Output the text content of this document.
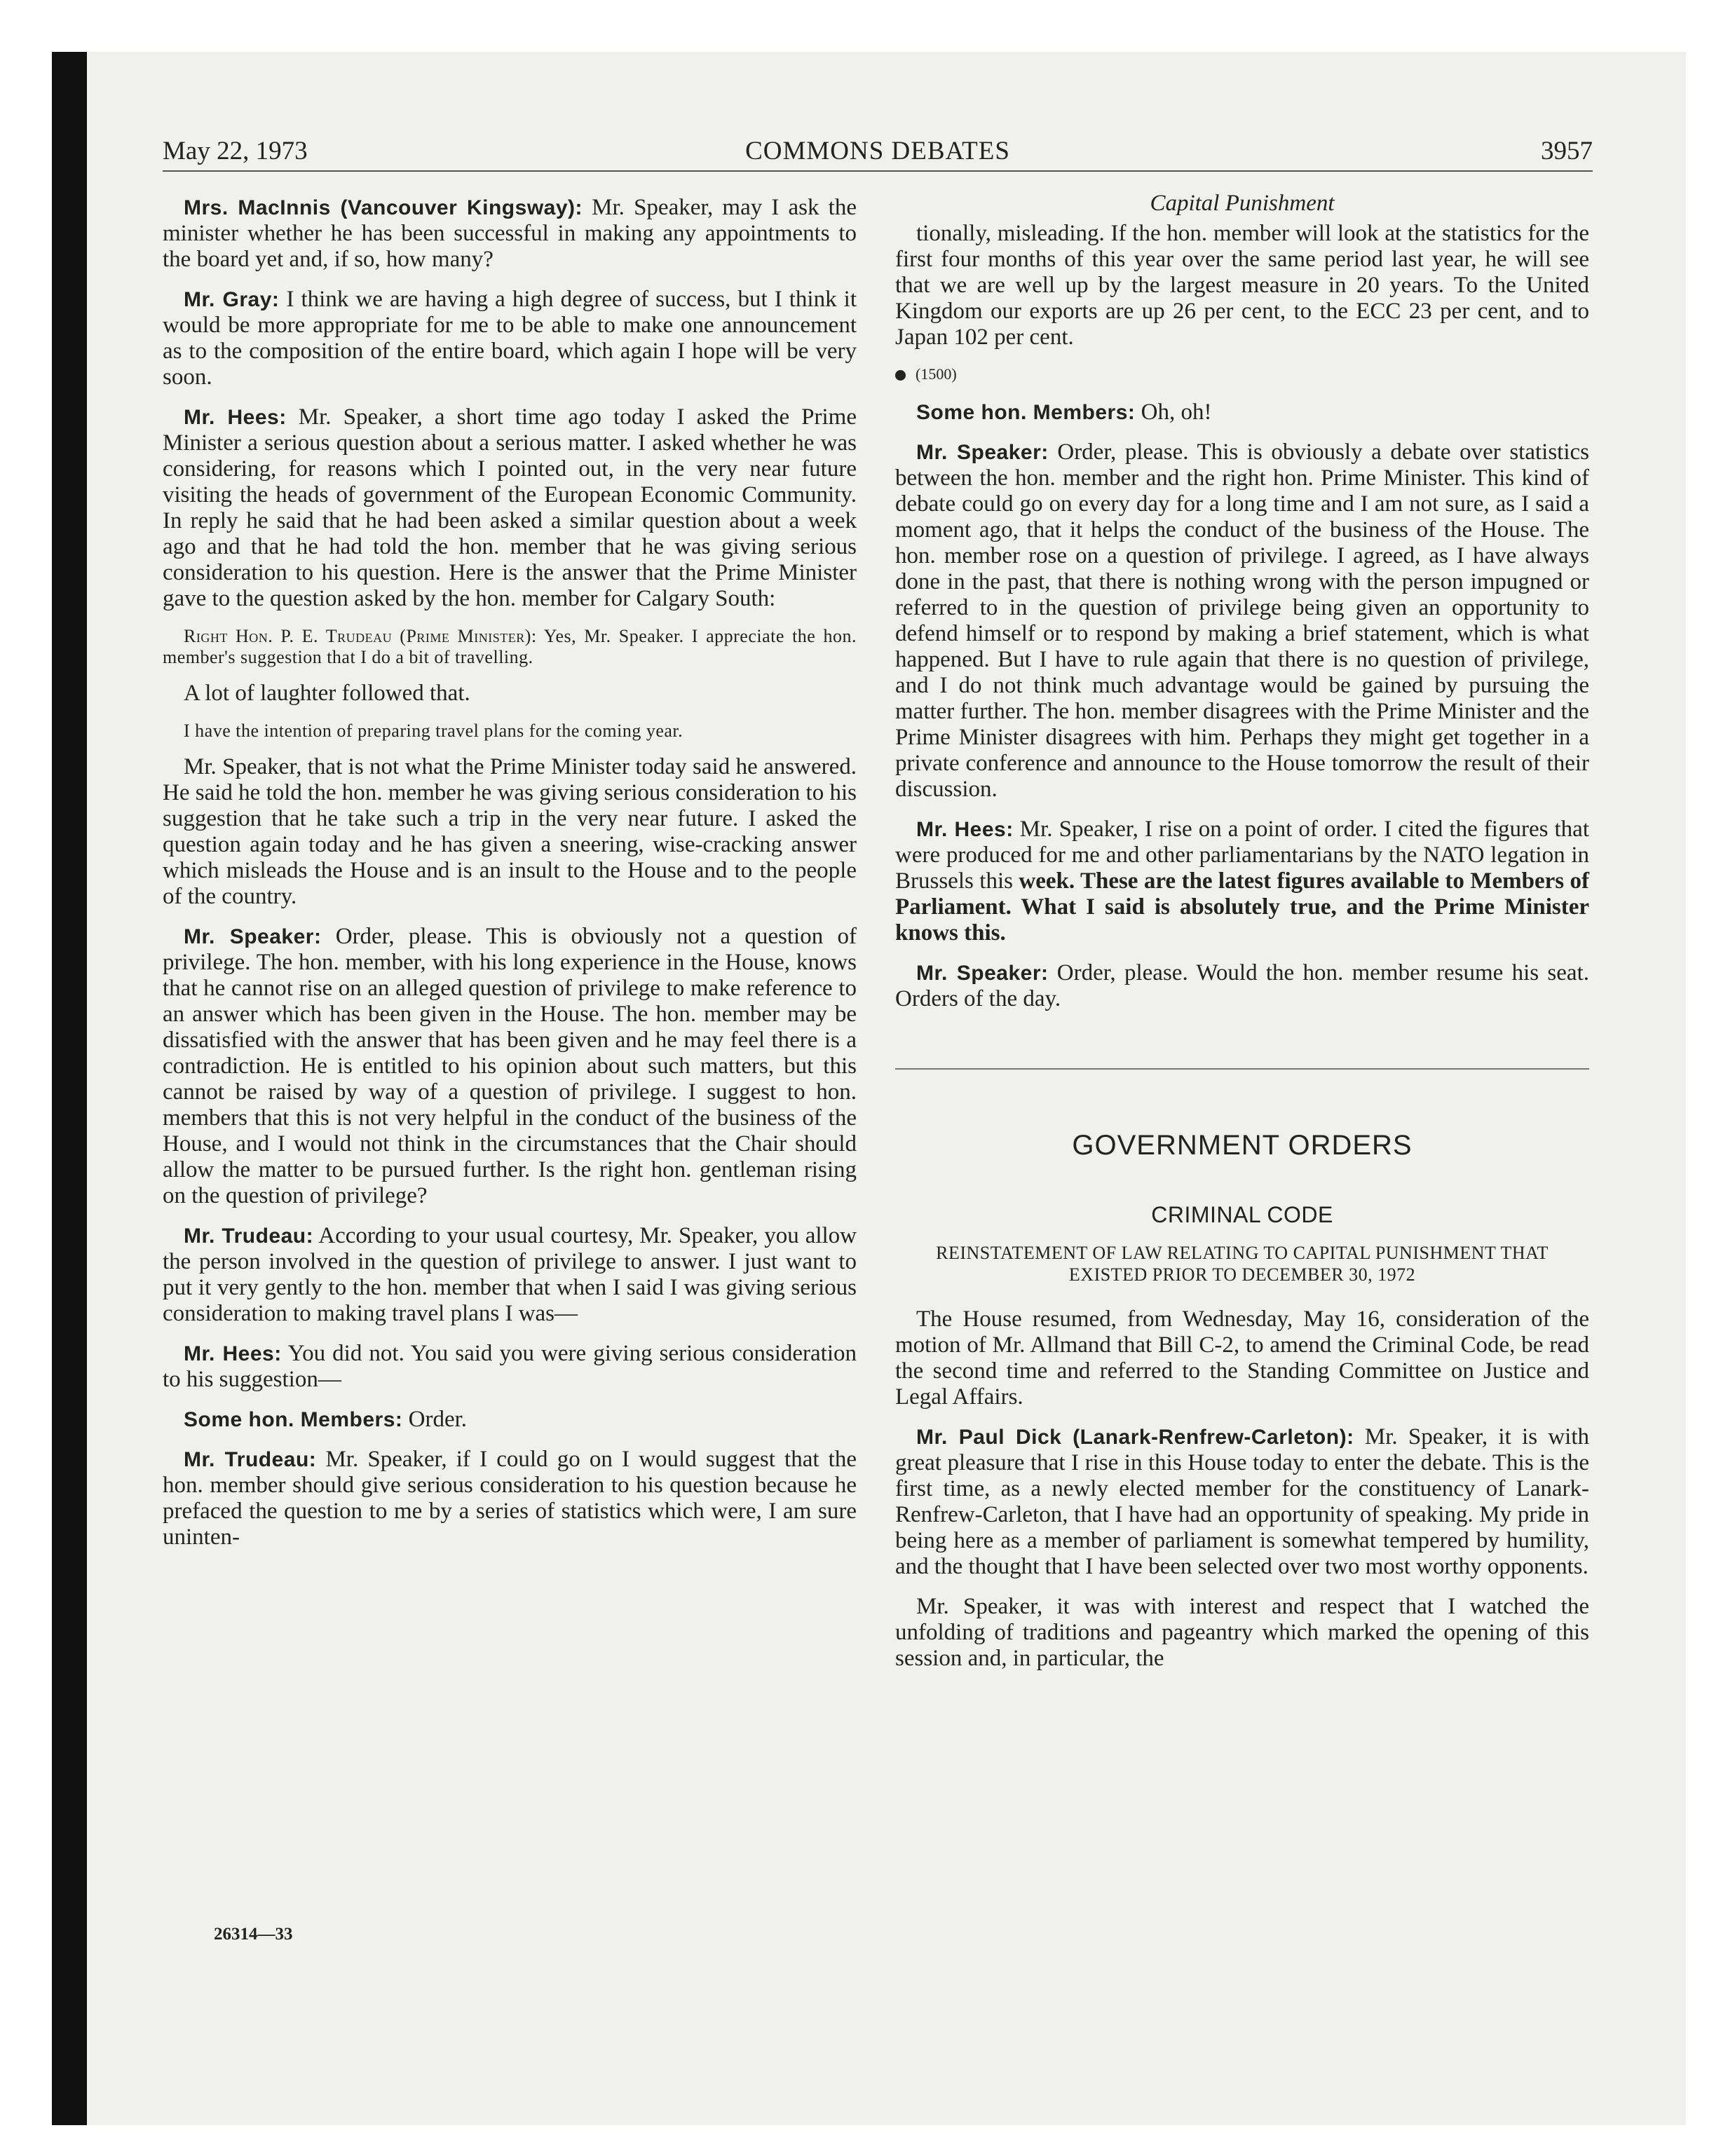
May 22, 1973	COMMONS DEBATES	3957

Mrs. MacInnis (Vancouver Kingsway): Mr. Speaker, may I ask the minister whether he has been successful in making any appointments to the board yet and, if so, how many?

Mr. Gray: I think we are having a high degree of success, but I think it would be more appropriate for me to be able to make one announcement as to the composition of the entire board, which again I hope will be very soon.

Mr. Hees: Mr. Speaker, a short time ago today I asked the Prime Minister a serious question about a serious matter. I asked whether he was considering, for reasons which I pointed out, in the very near future visiting the heads of government of the European Economic Community. In reply he said that he had been asked a similar question about a week ago and that he had told the hon. member that he was giving serious consideration to his question. Here is the answer that the Prime Minister gave to the question asked by the hon. member for Calgary South:

Right Hon. P. E. Trudeau (Prime Minister): Yes, Mr. Speaker. I appreciate the hon. member's suggestion that I do a bit of travelling.

A lot of laughter followed that.

I have the intention of preparing travel plans for the coming year.

Mr. Speaker, that is not what the Prime Minister today said he answered. He said he told the hon. member he was giving serious consideration to his suggestion that he take such a trip in the very near future. I asked the question again today and he has given a sneering, wise-cracking answer which misleads the House and is an insult to the House and to the people of the country.

Mr. Speaker: Order, please. This is obviously not a question of privilege. The hon. member, with his long experience in the House, knows that he cannot rise on an alleged question of privilege to make reference to an answer which has been given in the House. The hon. member may be dissatisfied with the answer that has been given and he may feel there is a contradiction. He is entitled to his opinion about such matters, but this cannot be raised by way of a question of privilege. I suggest to hon. members that this is not very helpful in the conduct of the business of the House, and I would not think in the circumstances that the Chair should allow the matter to be pursued further. Is the right hon. gentleman rising on the question of privilege?

Mr. Trudeau: According to your usual courtesy, Mr. Speaker, you allow the person involved in the question of privilege to answer. I just want to put it very gently to the hon. member that when I said I was giving serious consideration to making travel plans I was—

Mr. Hees: You did not. You said you were giving serious consideration to his suggestion—

Some hon. Members: Order.

Mr. Trudeau: Mr. Speaker, if I could go on I would suggest that the hon. member should give serious consideration to his question because he prefaced the question to me by a series of statistics which were, I am sure uninten-

Capital Punishment

tionally, misleading. If the hon. member will look at the statistics for the first four months of this year over the same period last year, he will see that we are well up by the largest measure in 20 years. To the United Kingdom our exports are up 26 per cent, to the ECC 23 per cent, and to Japan 102 per cent.

(1500)

Some hon. Members: Oh, oh!

Mr. Speaker: Order, please. This is obviously a debate over statistics between the hon. member and the right hon. Prime Minister. This kind of debate could go on every day for a long time and I am not sure, as I said a moment ago, that it helps the conduct of the business of the House. The hon. member rose on a question of privilege. I agreed, as I have always done in the past, that there is nothing wrong with the person impugned or referred to in the question of privilege being given an opportunity to defend himself or to respond by making a brief statement, which is what happened. But I have to rule again that there is no question of privilege, and I do not think much advantage would be gained by pursuing the matter further. The hon. member disagrees with the Prime Minister and the Prime Minister disagrees with him. Perhaps they might get together in a private conference and announce to the House tomorrow the result of their discussion.

Mr. Hees: Mr. Speaker, I rise on a point of order. I cited the figures that were produced for me and other parliamentarians by the NATO legation in Brussels this week. These are the latest figures available to Members of Parliament. What I said is absolutely true, and the Prime Minister knows this.

Mr. Speaker: Order, please. Would the hon. member resume his seat. Orders of the day.

GOVERNMENT ORDERS
CRIMINAL CODE
REINSTATEMENT OF LAW RELATING TO CAPITAL PUNISHMENT THAT EXISTED PRIOR TO DECEMBER 30, 1972

The House resumed, from Wednesday, May 16, consideration of the motion of Mr. Allmand that Bill C-2, to amend the Criminal Code, be read the second time and referred to the Standing Committee on Justice and Legal Affairs.

Mr. Paul Dick (Lanark-Renfrew-Carleton): Mr. Speaker, it is with great pleasure that I rise in this House today to enter the debate. This is the first time, as a newly elected member for the constituency of Lanark-Renfrew-Carleton, that I have had an opportunity of speaking. My pride in being here as a member of parliament is somewhat tempered by humility, and the thought that I have been selected over two most worthy opponents.

Mr. Speaker, it was with interest and respect that I watched the unfolding of traditions and pageantry which marked the opening of this session and, in particular, the

26314—33
